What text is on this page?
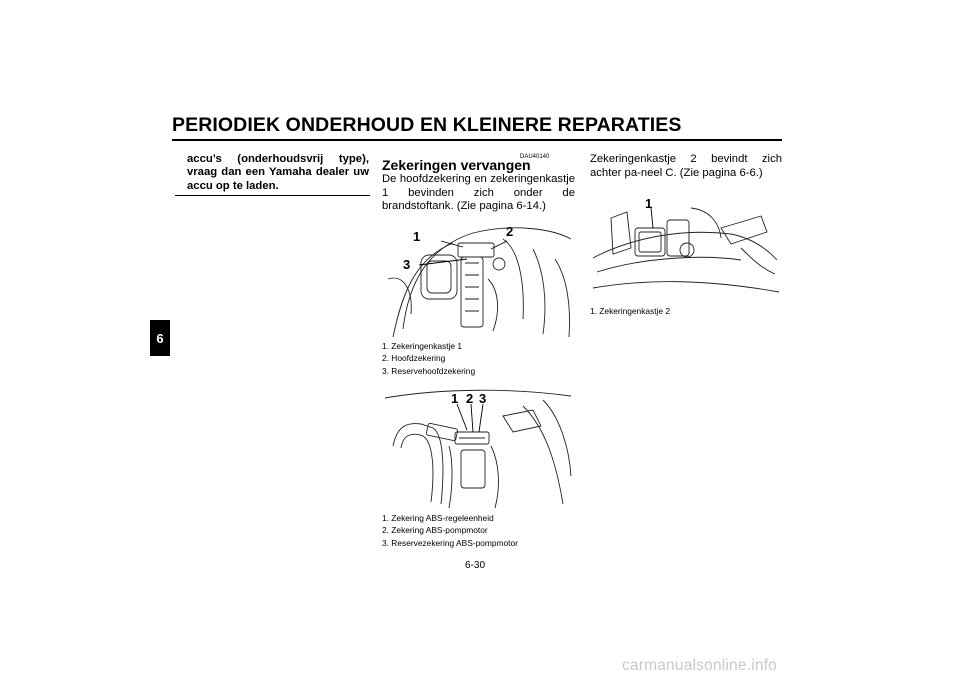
PERIODIEK ONDERHOUD EN KLEINERE REPARATIES
6
accu’s (onderhoudsvrij type), vraag dan een Yamaha dealer uw accu op te laden.
DAU40140
Zekeringen vervangen
De hoofdzekering en zekeringenkastje 1 bevinden zich onder de brandstoftank. (Zie pagina 6-14.)
1	2
3
1. Zekeringenkastje 1
2. Hoofdzekering
3. Reservehoofdzekering
1 2 3
1. Zekering ABS-regeleenheid
2. Zekering ABS-pompmotor
3. Reservezekering ABS-pompmotor
Zekeringenkastje 2 bevindt zich achter pa-neel C. (Zie pagina 6-6.)
1
1. Zekeringenkastje 2
6-30
carmanualsonline.info
